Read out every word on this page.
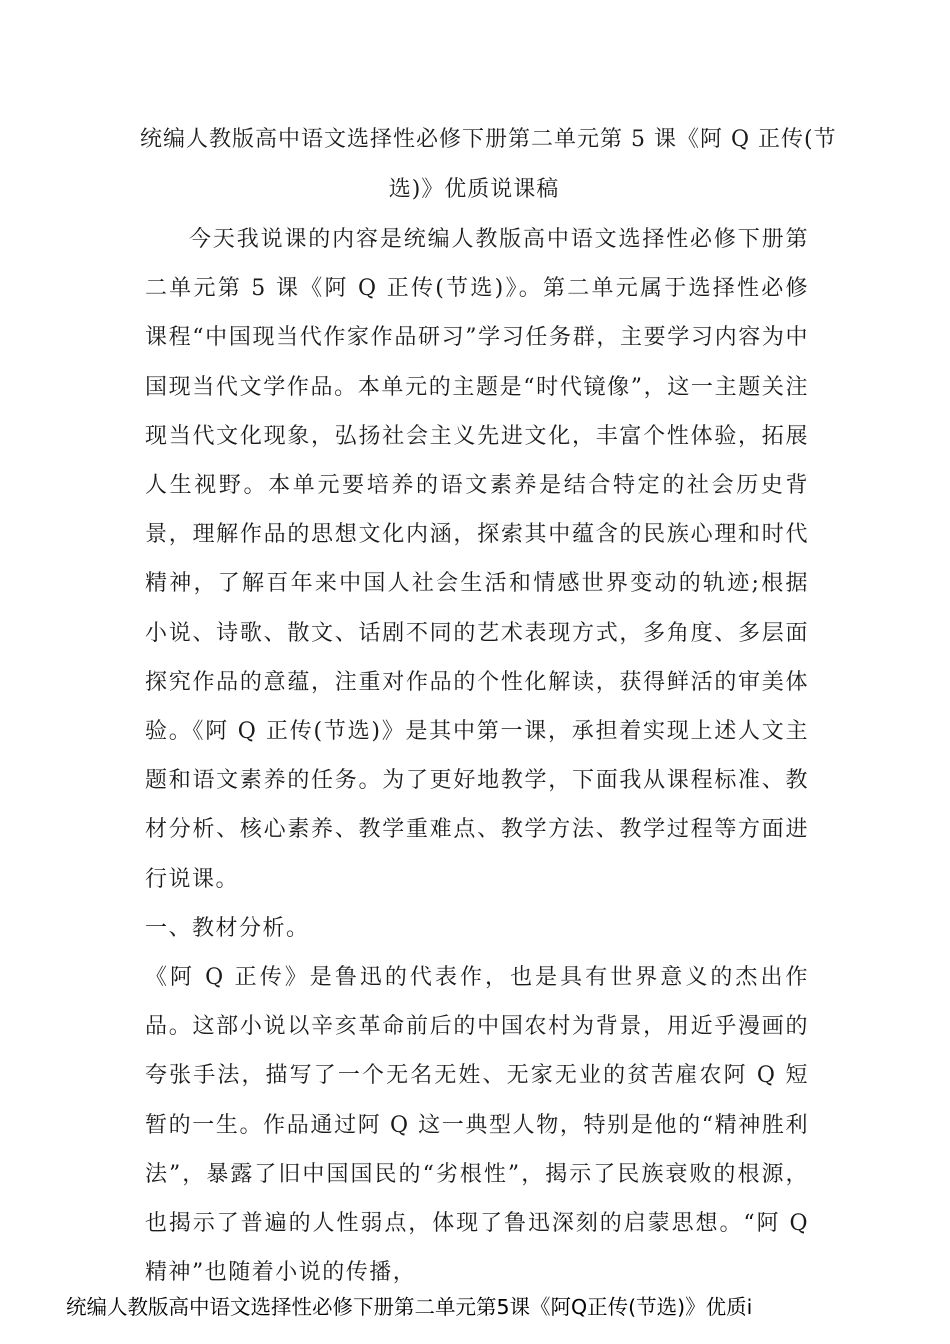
统编人教版高中语文选择性必修下册第二单元第 5 课《阿 Q 正传(节
选)》优质说课稿

今天我说课的内容是统编人教版高中语文选择性必修下册第二单元第 5 课《阿 Q 正传(节选)》。第二单元属于选择性必修课程“中国现当代作家作品研习”学习任务群，主要学习内容为中国现当代文学作品。本单元的主题是“时代镜像”，这一主题关注现当代文化现象，弘扬社会主义先进文化，丰富个性体验，拓展人生视野。本单元要培养的语文素养是结合特定的社会历史背景，理解作品的思想文化内涵，探索其中蕴含的民族心理和时代精神，了解百年来中国人社会生活和情感世界变动的轨迹;根据小说、诗歌、散文、话剧不同的艺术表现方式，多角度、多层面探究作品的意蕴，注重对作品的个性化解读，获得鲜活的审美体验。《阿 Q 正传(节选)》是其中第一课，承担着实现上述人文主题和语文素养的任务。为了更好地教学，下面我从课程标准、教材分析、核心素养、教学重难点、教学方法、教学过程等方面进行说课。

一、教材分析。

《阿 Q 正传》是鲁迅的代表作，也是具有世界意义的杰出作品。这部小说以辛亥革命前后的中国农村为背景，用近乎漫画的夸张手法，描写了一个无名无姓、无家无业的贫苦雇农阿 Q 短暂的一生。作品通过阿 Q 这一典型人物，特别是他的“精神胜利法”，暴露了旧中国国民的“劣根性”，揭示了民族衰败的根源，也揭示了普遍的人性弱点，体现了鲁迅深刻的启蒙思想。“阿 Q 精神”也随着小说的传播，

统编人教版高中语文选择性必修下册第二单元第5课《阿Q正传(节选)》优质i
